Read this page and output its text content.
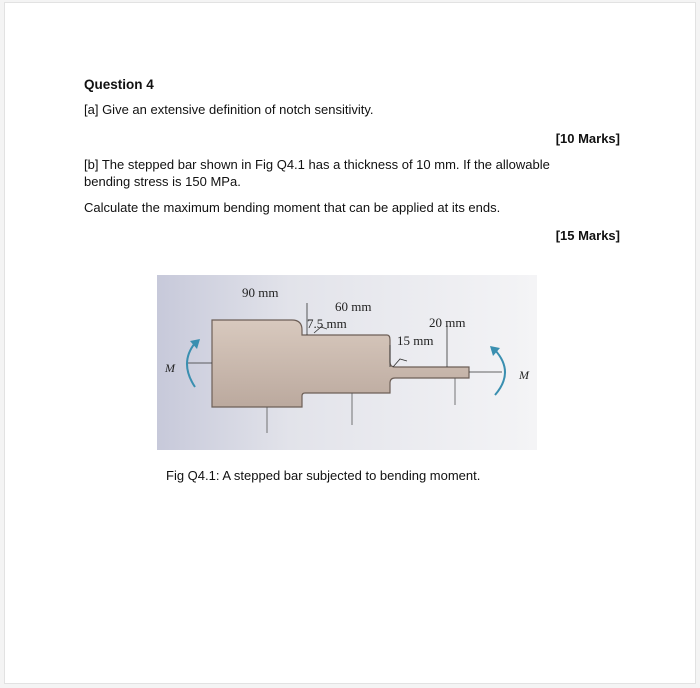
Question 4
[a] Give an extensive definition of notch sensitivity.
[10 Marks]
[b] The stepped bar shown in Fig Q4.1 has a thickness of 10 mm. If the allowable
bending stress is 150 MPa.
Calculate the maximum bending moment that can be applied at its ends.
[15 Marks]
90 mm
60 mm
7.5 mm	20 mm
15 mm
M	M
Fig Q4.1: A stepped bar subjected to bending moment.
